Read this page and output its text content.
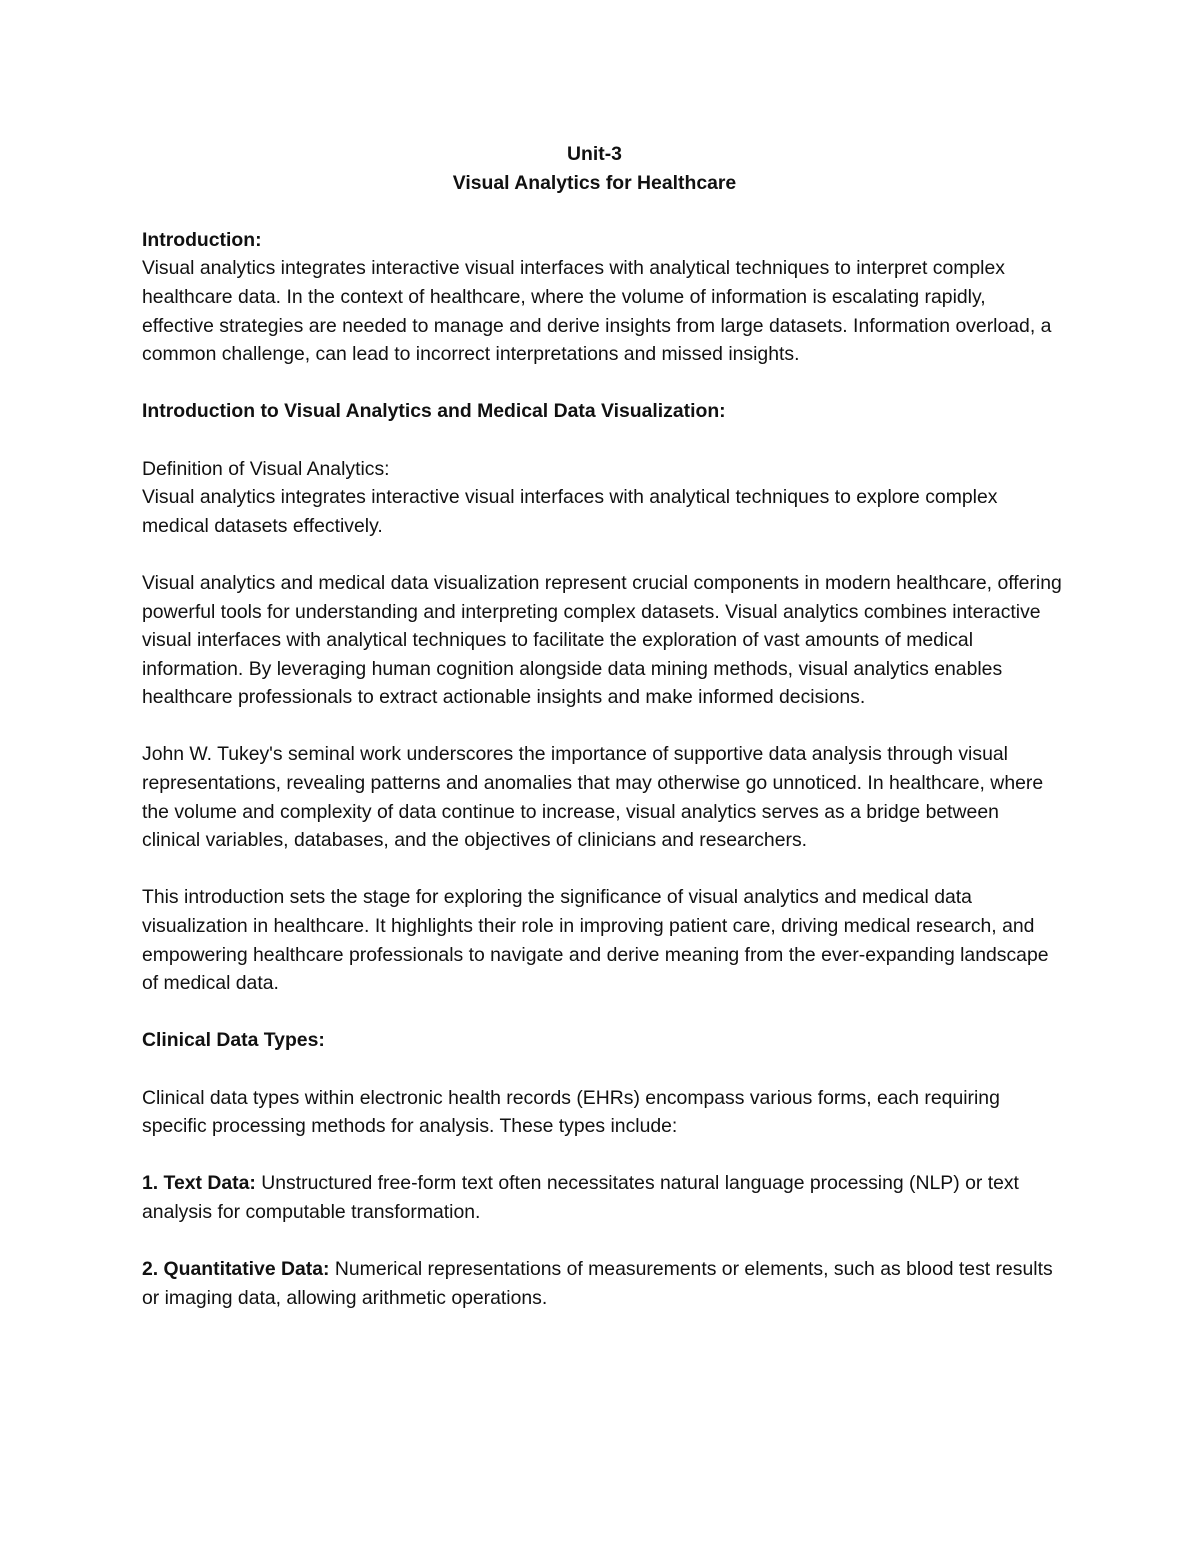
Unit-3
Visual Analytics for Healthcare

Introduction:

Visual analytics integrates interactive visual interfaces with analytical techniques to interpret complex healthcare data. In the context of healthcare, where the volume of information is escalating rapidly, effective strategies are needed to manage and derive insights from large datasets. Information overload, a common challenge, can lead to incorrect interpretations and missed insights.

Introduction to Visual Analytics and Medical Data Visualization:

Definition of Visual Analytics:

Visual analytics integrates interactive visual interfaces with analytical techniques to explore complex medical datasets effectively.

Visual analytics and medical data visualization represent crucial components in modern healthcare, offering powerful tools for understanding and interpreting complex datasets. Visual analytics combines interactive visual interfaces with analytical techniques to facilitate the exploration of vast amounts of medical information. By leveraging human cognition alongside data mining methods, visual analytics enables healthcare professionals to extract actionable insights and make informed decisions.

John W. Tukey's seminal work underscores the importance of supportive data analysis through visual representations, revealing patterns and anomalies that may otherwise go unnoticed. In healthcare, where the volume and complexity of data continue to increase, visual analytics serves as a bridge between clinical variables, databases, and the objectives of clinicians and researchers.

This introduction sets the stage for exploring the significance of visual analytics and medical data visualization in healthcare. It highlights their role in improving patient care, driving medical research, and empowering healthcare professionals to navigate and derive meaning from the ever-expanding landscape of medical data.

Clinical Data Types:

Clinical data types within electronic health records (EHRs) encompass various forms, each requiring specific processing methods for analysis. These types include:

1. Text Data: Unstructured free-form text often necessitates natural language processing (NLP) or text analysis for computable transformation.

2. Quantitative Data: Numerical representations of measurements or elements, such as blood test results or imaging data, allowing arithmetic operations.
